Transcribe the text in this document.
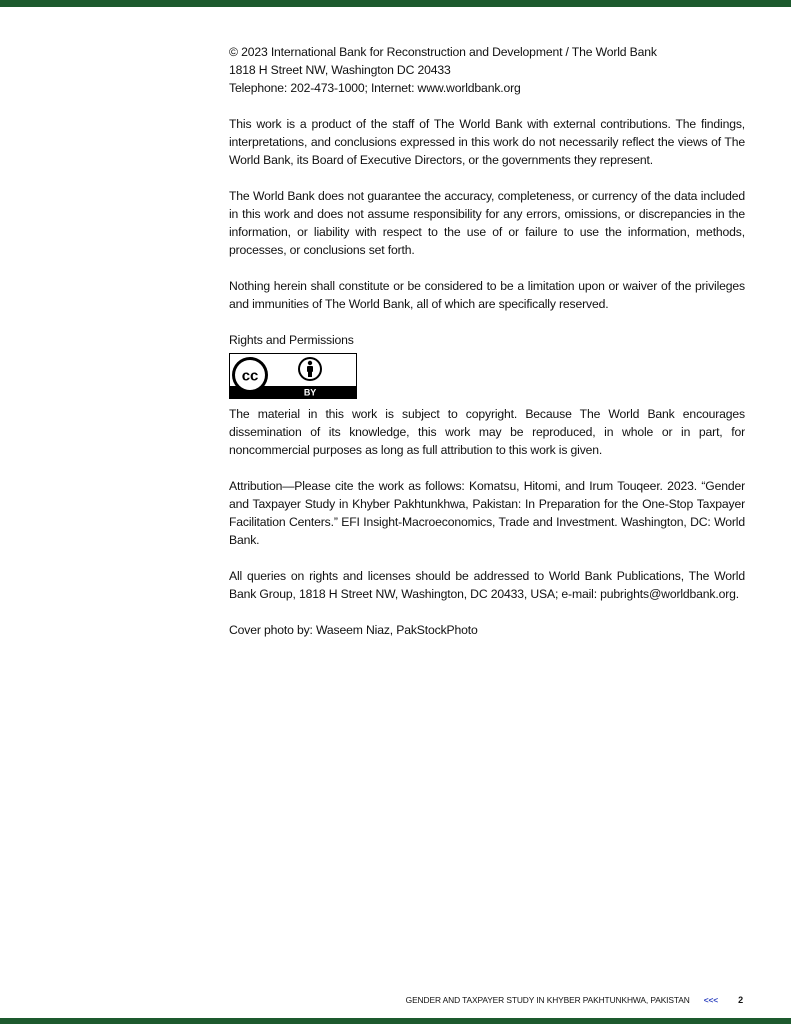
© 2023 International Bank for Reconstruction and Development / The World Bank

1818 H Street NW, Washington DC 20433

Telephone: 202-473-1000; Internet: www.worldbank.org

This work is a product of the staff of The World Bank with external contributions. The findings, interpretations, and conclusions expressed in this work do not necessarily reflect the views of The World Bank, its Board of Executive Directors, or the governments they represent.

The World Bank does not guarantee the accuracy, completeness, or currency of the data included in this work and does not assume responsibility for any errors, omissions, or discrepancies in the information, or liability with respect to the use of or failure to use the information, methods, processes, or conclusions set forth.

Nothing herein shall constitute or be considered to be a limitation upon or waiver of the privileges and immunities of The World Bank, all of which are specifically reserved.

Rights and Permissions

cc
BY

The material in this work is subject to copyright. Because The World Bank encourages dissemination of its knowledge, this work may be reproduced, in whole or in part, for noncommercial purposes as long as full attribution to this work is given.

Attribution—Please cite the work as follows: Komatsu, Hitomi, and Irum Touqeer. 2023. “Gender and Taxpayer Study in Khyber Pakhtunkhwa, Pakistan: In Preparation for the One-Stop Taxpayer Facilitation Centers.” EFI Insight-Macroeconomics, Trade and Investment. Washington, DC: World Bank.

All queries on rights and licenses should be addressed to World Bank Publications, The World Bank Group, 1818 H Street NW, Washington, DC 20433, USA; e-mail: pubrights@worldbank.org.

Cover photo by: Waseem Niaz, PakStockPhoto

GENDER AND TAXPAYER STUDY IN KHYBER PAKHTUNKHWA, PAKISTAN <<< 2
